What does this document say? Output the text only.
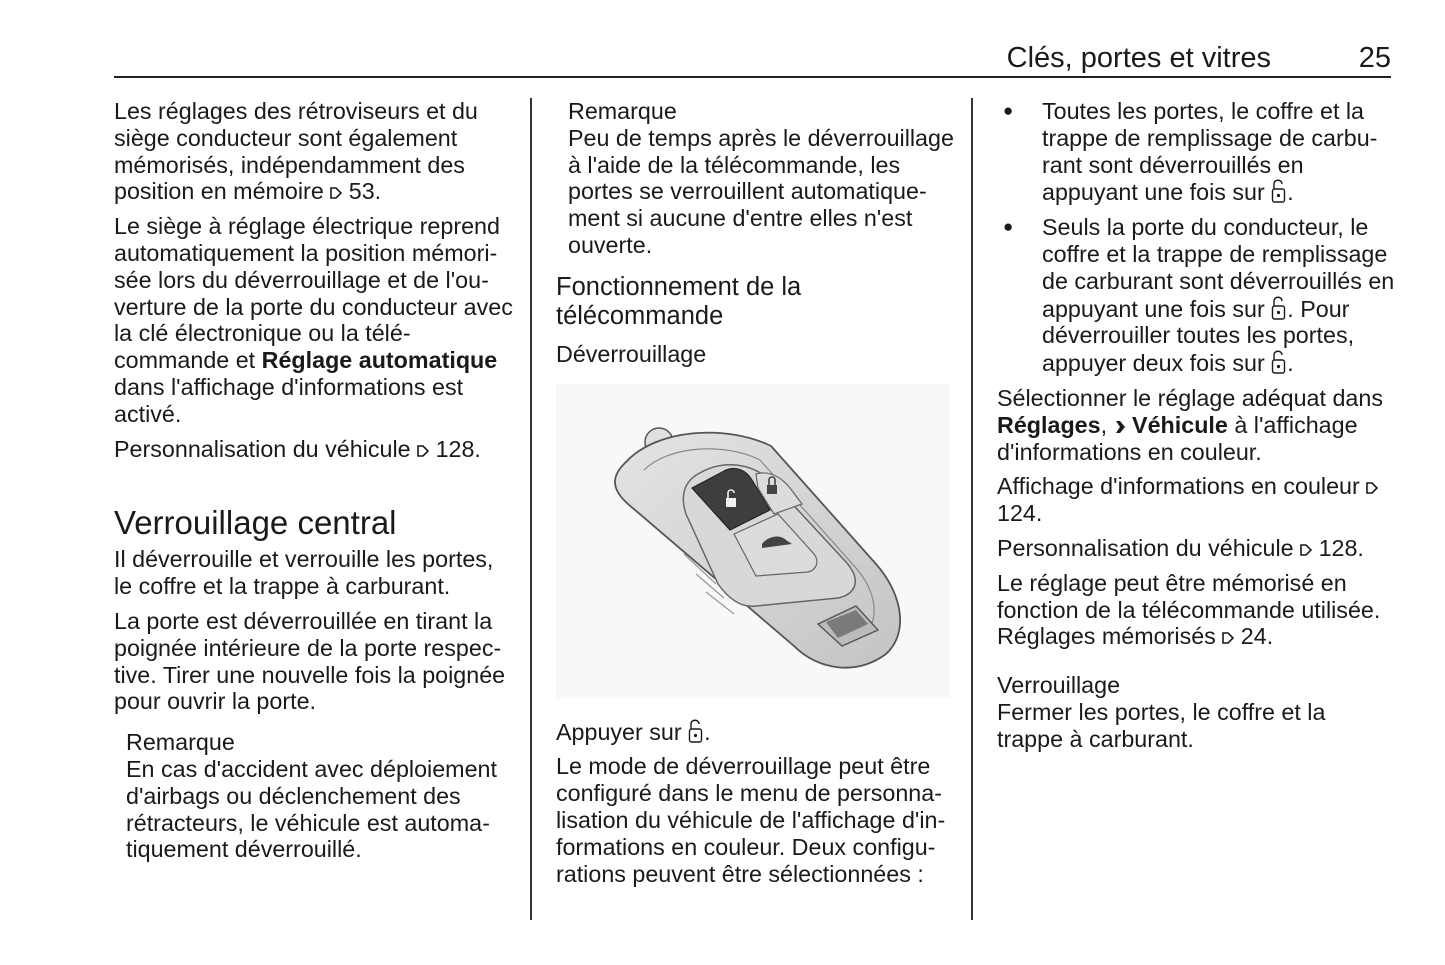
Clés, portes et vitres	25

Les réglages des rétroviseurs et du siège conducteur sont également mémorisés, indépendamment des position en mémoire 53.

Le siège à réglage électrique reprend automatiquement la position mémorisée lors du déverrouillage et de l'ouverture de la porte du conducteur avec la clé électronique ou la télécommande et Réglage automatique dans l'affichage d'informations est activé.

Personnalisation du véhicule 128.

Verrouillage central

Il déverrouille et verrouille les portes, le coffre et la trappe à carburant.

La porte est déverrouillée en tirant la poignée intérieure de la porte respective. Tirer une nouvelle fois la poignée pour ouvrir la porte.

Remarque
En cas d'accident avec déploiement d'airbags ou déclenchement des rétracteurs, le véhicule est automatiquement déverrouillé.
Remarque
Peu de temps après le déverrouillage à l'aide de la télécommande, les portes se verrouillent automatiquement si aucune d'entre elles n'est ouverte.
Fonctionnement de la télécommande
Déverrouillage

Appuyer sur .

Le mode de déverrouillage peut être configuré dans le menu de personnalisation du véhicule de l'affichage d'informations en couleur. Deux configurations peuvent être sélectionnées :

● Toutes les portes, le coffre et la trappe de remplissage de carburant sont déverrouillés en appuyant une fois sur .
● Seuls la porte du conducteur, le coffre et la trappe de remplissage de carburant sont déverrouillés en appuyant une fois sur . Pour déverrouiller toutes les portes, appuyer deux fois sur .

Sélectionner le réglage adéquat dans Réglages, Véhicule à l'affichage d'informations en couleur.

Affichage d'informations en couleur  124.

Personnalisation du véhicule 128.

Le réglage peut être mémorisé en fonction de la télécommande utilisée. Réglages mémorisés 24.

Verrouillage

Fermer les portes, le coffre et la trappe à carburant.
